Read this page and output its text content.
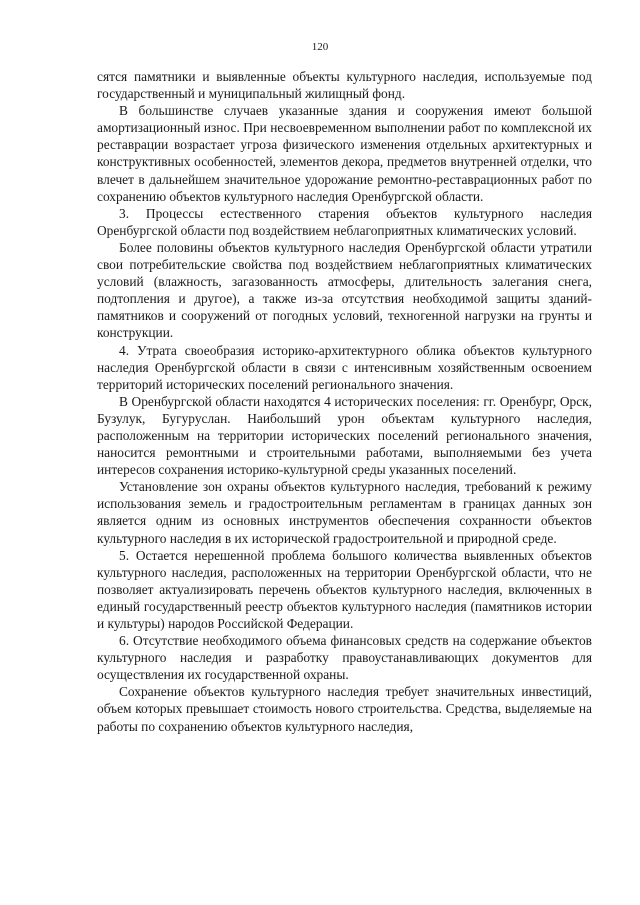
120

сятся памятники и выявленные объекты культурного наследия, используемые под государственный и муниципальный жилищный фонд.

В большинстве случаев указанные здания и сооружения имеют большой амортизационный износ. При несвоевременном выполнении работ по комплексной их реставрации возрастает угроза физического изменения отдельных архитектурных и конструктивных особенностей, элементов декора, предметов внутренней отделки, что влечет в дальнейшем значительное удорожание ремонтно-реставрационных работ по сохранению объектов культурного наследия Оренбургской области.

3. Процессы естественного старения объектов культурного наследия Оренбургской области под воздействием неблагоприятных климатических условий.

Более половины объектов культурного наследия Оренбургской области утратили свои потребительские свойства под воздействием неблагоприятных климатических условий (влажность, загазованность атмосферы, длительность залегания снега, подтопления и другое), а также из-за отсутствия необходимой защиты зданий-памятников и сооружений от погодных условий, техногенной нагрузки на грунты и конструкции.

4. Утрата своеобразия историко-архитектурного облика объектов культурного наследия Оренбургской области в связи с интенсивным хозяйственным освоением территорий исторических поселений регионального значения.

В Оренбургской области находятся 4 исторических поселения: гг. Оренбург, Орск, Бузулук, Бугуруслан. Наибольший урон объектам культурного наследия, расположенным на территории исторических поселений регионального значения, наносится ремонтными и строительными работами, выполняемыми без учета интересов сохранения историко-культурной среды указанных поселений.

Установление зон охраны объектов культурного наследия, требований к режиму использования земель и градостроительным регламентам в границах данных зон является одним из основных инструментов обеспечения сохранности объектов культурного наследия в их исторической градостроительной и природной среде.

5. Остается нерешенной проблема большого количества выявленных объектов культурного наследия, расположенных на территории Оренбургской области, что не позволяет актуализировать перечень объектов культурного наследия, включенных в единый государственный реестр объектов культурного наследия (памятников истории и культуры) народов Российской Федерации.

6. Отсутствие необходимого объема финансовых средств на содержание объектов культурного наследия и разработку правоустанавливающих документов для осуществления их государственной охраны.

Сохранение объектов культурного наследия требует значительных инвестиций, объем которых превышает стоимость нового строительства. Средства, выделяемые на работы по сохранению объектов культурного наследия,
